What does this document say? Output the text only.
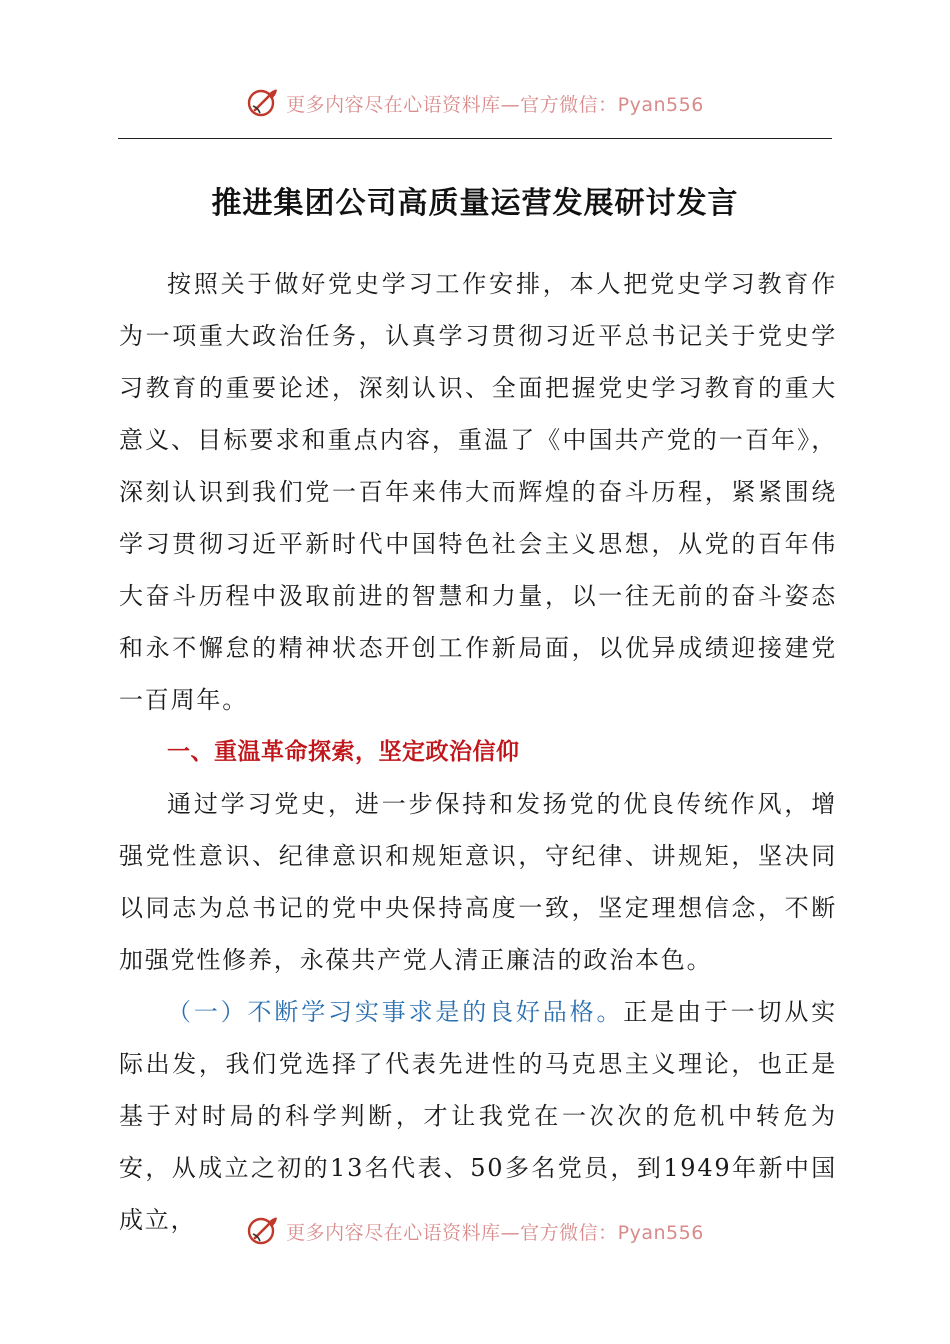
更多内容尽在心语资料库—官方微信：Pyan556
推进集团公司高质量运营发展研讨发言

按照关于做好党史学习工作安排，本人把党史学习教育作为一项重大政治任务，认真学习贯彻习近平总书记关于党史学习教育的重要论述，深刻认识、全面把握党史学习教育的重大意义、目标要求和重点内容，重温了《中国共产党的一百年》，深刻认识到我们党一百年来伟大而辉煌的奋斗历程，紧紧围绕学习贯彻习近平新时代中国特色社会主义思想，从党的百年伟大奋斗历程中汲取前进的智慧和力量，以一往无前的奋斗姿态和永不懈怠的精神状态开创工作新局面，以优异成绩迎接建党一百周年。

一、重温革命探索，坚定政治信仰

通过学习党史，进一步保持和发扬党的优良传统作风，增强党性意识、纪律意识和规矩意识，守纪律、讲规矩，坚决同以同志为总书记的党中央保持高度一致，坚定理想信念，不断加强党性修养，永葆共产党人清正廉洁的政治本色。

（一）不断学习实事求是的良好品格。正是由于一切从实际出发，我们党选择了代表先进性的马克思主义理论，也正是基于对时局的科学判断，才让我党在一次次的危机中转危为安，从成立之初的13名代表、50多名党员，到1949年新中国成立，	更多内容尽在心语资料库—官方微信：Pyan556
